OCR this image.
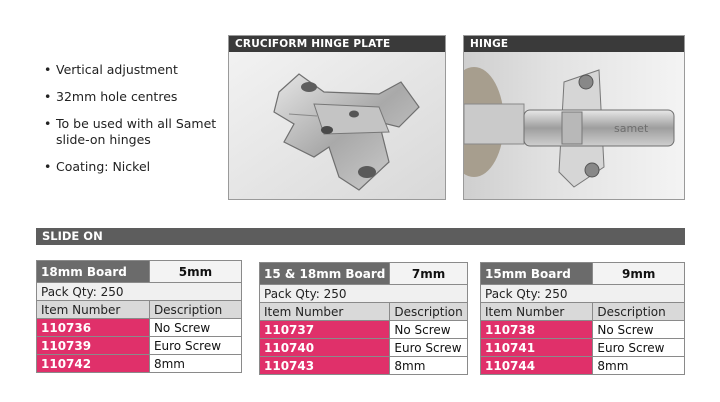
• Vertical adjustment
• 32mm hole centres
• To be used with all Samet slide-on hinges
• Coating: Nickel
CRUCIFORM HINGE PLATE	HINGE
samet
SLIDE ON
18mm Board	5mm
Pack Qty: 250	
Item Number	Description
110736	No Screw
110739	Euro Screw
110742	8mm
15 & 18mm Board	7mm
Pack Qty: 250	
Item Number	Description
110737	No Screw
110740	Euro Screw
110743	8mm
15mm Board	9mm
Pack Qty: 250	
Item Number	Description
110738	No Screw
110741	Euro Screw
110744	8mm
